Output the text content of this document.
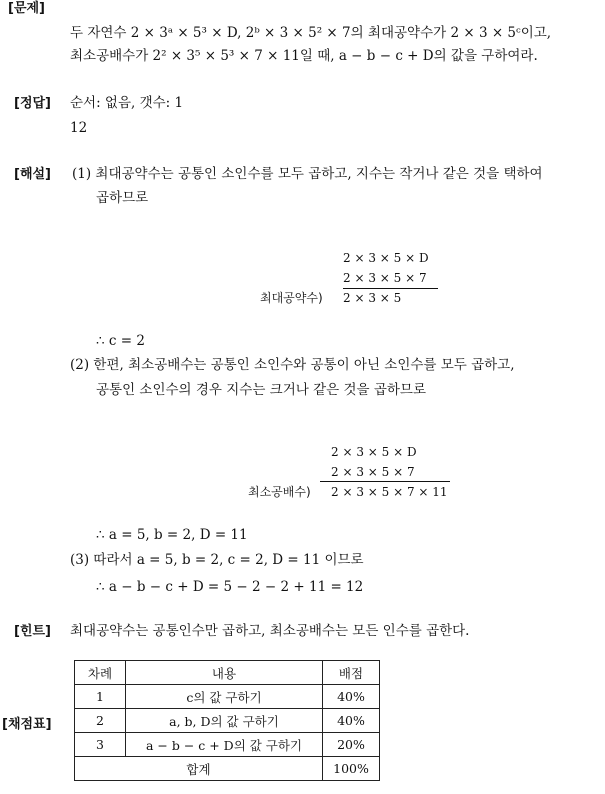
[문제]
두 자연수 2 × 3ᵃ × 5³ × D, 2ᵇ × 3 × 5² × 7의 최대공약수가 2 × 3 × 5ᶜ이고,
최소공배수가 2² × 3⁵ × 5³ × 7 × 11일 때, a − b − c + D의 값을 구하여라.
[정답] 순서: 없음, 갯수: 1
12
[해설] (1) 최대공약수는 공통인 소인수를 모두 곱하고, 지수는 작거나 같은 것을 택하여
곱하므로
2 × 3 × 5 × D
2 × 3 × 5 × 7
최대공약수) 2 × 3 × 5
∴ c = 2
(2) 한편, 최소공배수는 공통인 소인수와 공통이 아닌 소인수를 모두 곱하고,
공통인 소인수의 경우 지수는 크거나 같은 것을 곱하므로
2 × 3 × 5 × D
2 × 3 × 5 × 7
최소공배수) 2 × 3 × 5 × 7 × 11
∴ a = 5, b = 2, D = 11
(3) 따라서 a = 5, b = 2, c = 2, D = 11 이므로
∴ a − b − c + D = 5 − 2 − 2 + 11 = 12
[힌트] 최대공약수는 공통인수만 곱하고, 최소공배수는 모든 인수를 곱한다.
[채점표]
차례	내용	배점
1	c의 값 구하기	40%
2	a, b, D의 값 구하기	40%
3	a − b − c + D의 값 구하기	20%
합계		100%
